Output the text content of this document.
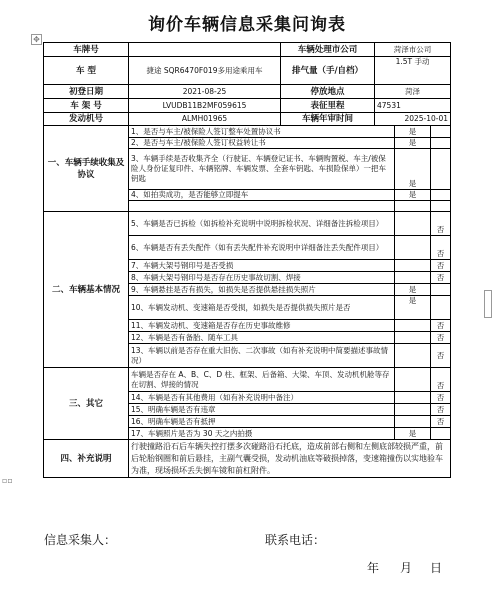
询价车辆信息采集问询表
✥
▫▫
车牌号		车辆处理市公司	菏泽市公司		
车 型	捷途 SQR6470F019多用途乘用车	排气量（手/自档）	1.5T 手动		
初登日期	2021-08-25	停放地点	菏泽		
车 架 号	LVUDB11B2MF059615	表征里程	47531		
发动机号	ALMH01965	车辆年审时间	2025-10-01		
一、车辆手续收集及协议	1、是否与车主/被保险人签订整车处置协议书			是	
	2、是否与车主/被保险人签订权益转让书			是	
	3、车辆手续是否收集齐全（行驶证、车辆登记证书、车辆购置税、车主/被保险人身份证复印件、车辆铭牌、车辆发票、全套车钥匙、车损险保单）一把车钥匙			是	
	4、如拍卖成功，是否能够立即提车			是	

二、车辆基本情况	5、车辆是否已拆检（如拆检补充说明中说明拆检状况、详细备注拆检项目）				否
	6、车辆是否有丢失配件（如有丢失配件补充说明中详细备注丢失配件项目）				否
	7、车辆大架号钢印号是否受损				否
	8、车辆大架号钢印号是否存在历史事故切割、焊接				否
	9、车辆悬挂是否有损失，如损失是否提供悬挂损失照片			是	
	10、车辆发动机、变速箱是否受损，如损失是否提供损失照片是否			是	
	11、车辆发动机、变速箱是否存在历史事故维修				否
	12、车辆是否有备胎、随车工具				否
	13、车辆以前是否存在重大旧伤、二次事故（如有补充说明中简要描述事故情况）				否
三、其它	车辆是否存在 A、B、C、D 柱、框架、后备箱、大梁、车顶、发动机机舱等存在切割、焊接的情况				否
	14、车辆是否有其他费用（如有补充说明中备注）				否
	15、明确车辆是否有违章				否
	16、明确车辆是否有抵押				否
	17、车辆照片是否为 30 天之内拍摄			是	
四、补充说明	行驶撞路沿石后车辆失控打摆多次碰路沿石托底，造成前部右侧和左侧底部较损严重，前后轮胎钢圈和前后悬挂，主副气囊受损，发动机油底等破损掉落，变速箱撞伤以实地验车为准，现场损坏丢失倒车镜和前杠附件。				
信息采集人：	联系电话：
年 月 日
